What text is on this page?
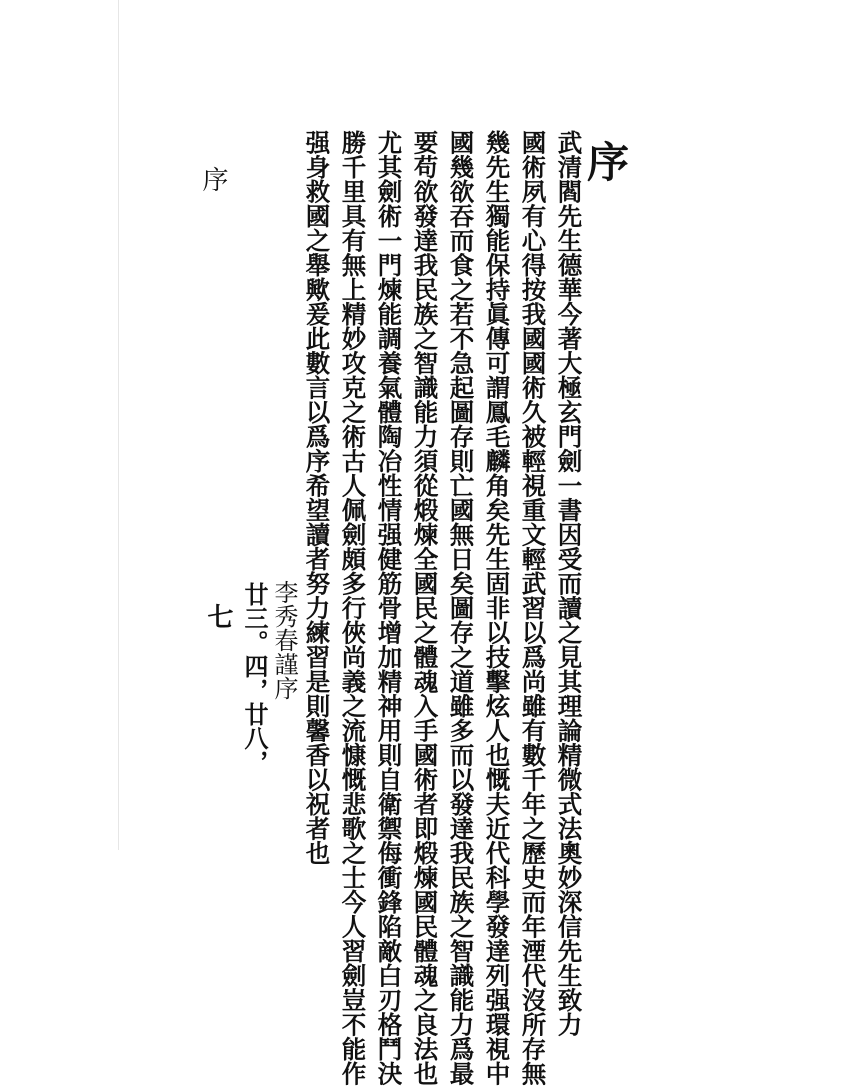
序
武清閻先生德華今著大極玄門劍一書因受而讀之見其理論精微式法奧妙深信先生致力
國術夙有心得按我國國術久被輕視重文輕武習以爲尚雖有數千年之歷史而年湮代沒所存無
幾先生獨能保持眞傳可謂鳳毛麟角矣先生固非以技擊炫人也慨夫近代科學發達列强環視中
國幾欲吞而食之若不急起圖存則亡國無日矣圖存之道雖多而以發達我民族之智識能力爲最
要苟欲發達我民族之智識能力須從煅煉全國民之體魂入手國術者即煅煉國民體魂之良法也
尤其劍術一門煉能調養氣體陶冶性情强健筋骨增加精神用則自衛禦侮衝鋒陷敵白刃格鬥決
勝千里具有無上精妙攻克之術古人佩劍頗多行俠尚義之流慷慨悲歌之士今人習劍豈不能作
强身救國之舉歟爰此數言以爲序希望讀者努力練習是則馨香以祝者也
李秀春謹序
廿三。四，廿八，
序
七
